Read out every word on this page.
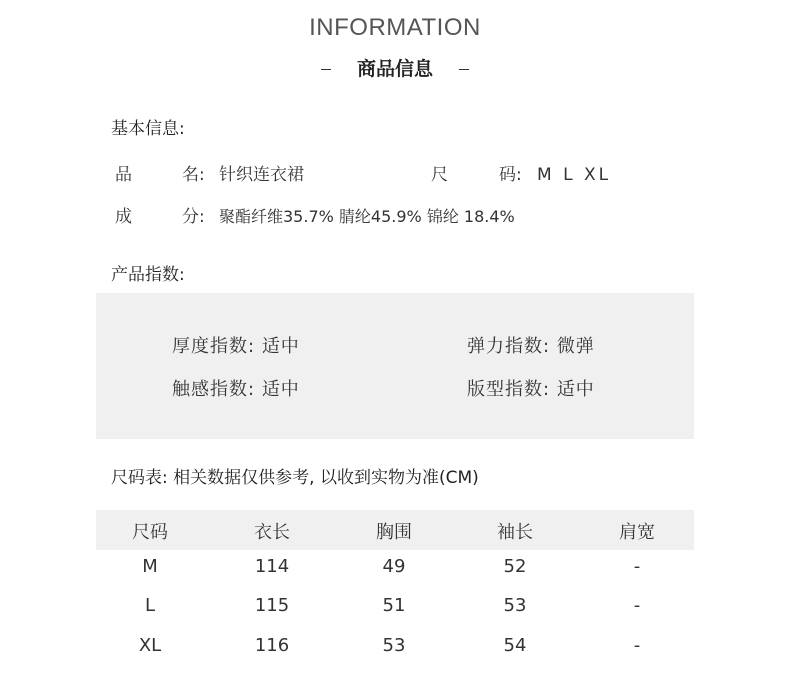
INFORMATION
商品信息
基本信息:
品	名: 针织连衣裙	尺	码: M L XL
成	分: 聚酯纤维35.7% 腈纶45.9% 锦纶 18.4%
产品指数:
厚度指数: 适中	弹力指数: 微弹
触感指数: 适中	版型指数: 适中
尺码表: 相关数据仅供参考, 以收到实物为准(CM)
尺码	衣长	胸围	袖长	肩宽
M	114	49	52	-
L	115	51	53	-
XL	116	53	54	-
